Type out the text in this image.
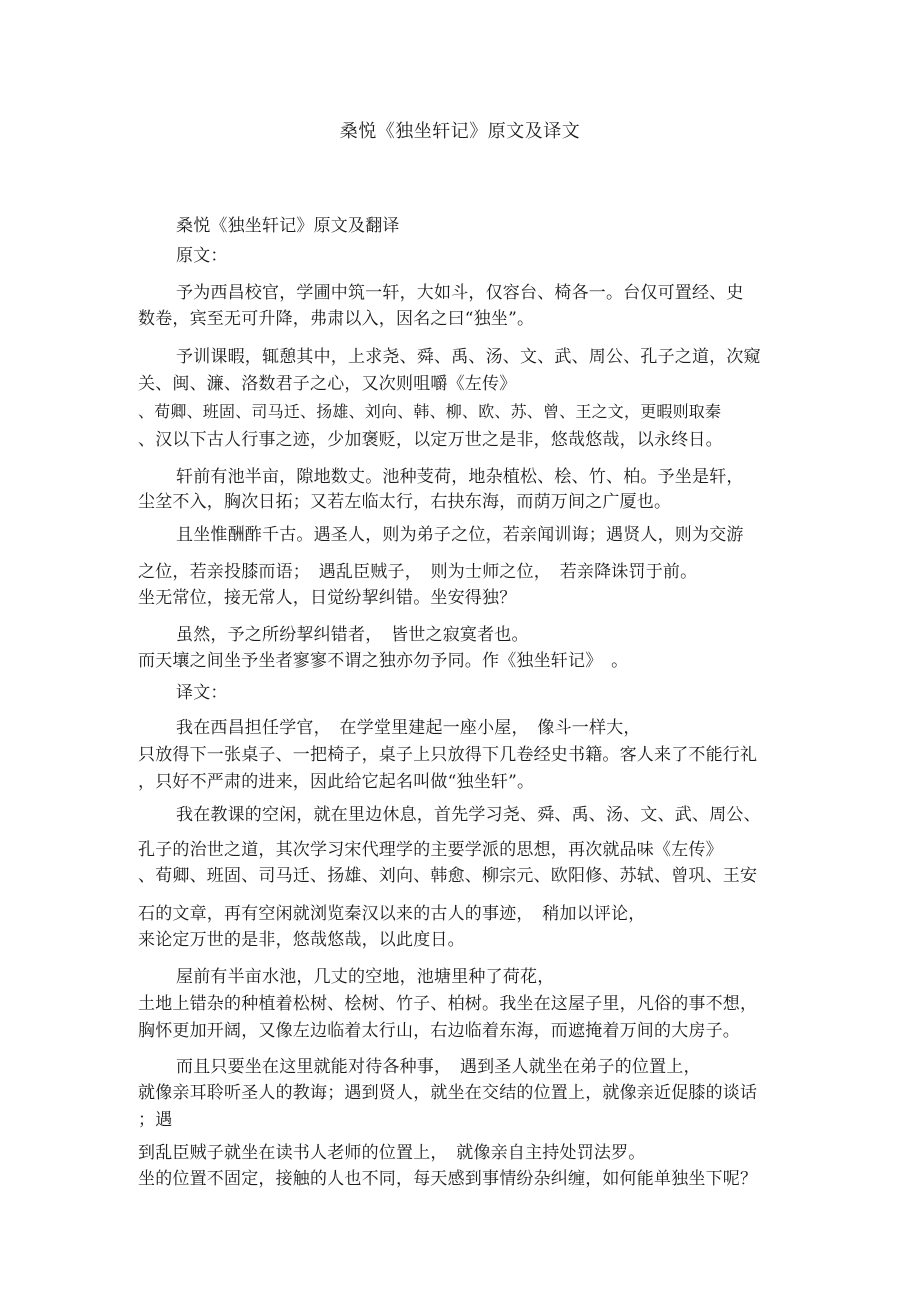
桑悦《独坐轩记》原文及译文
桑悦《独坐轩记》原文及翻译
原文：
予为西昌校官，学圃中筑一轩，大如斗，仅容台、椅各一。台仅可置经、史
数卷，宾至无可升降，弗肃以入，因名之曰“独坐”。
予训课暇，辄憩其中，上求尧、舜、禹、汤、文、武、周公、孔子之道，次窥
关、闽、濂、洛数君子之心，又次则咀嚼《左传》
、荀卿、班固、司马迁、扬雄、刘向、韩、柳、欧、苏、曾、王之文，更暇则取秦
、汉以下古人行事之迹，少加褒贬，以定万世之是非，悠哉悠哉，以永终日。
轩前有池半亩，隙地数丈。池种芰荷，地杂植松、桧、竹、柏。予坐是轩，
尘坌不入，胸次日拓；又若左临太行，右抉东海，而荫万间之广厦也。
且坐惟酬酢千古。遇圣人，则为弟子之位，若亲闻训诲；遇贤人，则为交游
之位，若亲投膝而语；　遇乱臣贼子，　则为士师之位，　若亲降诛罚于前。
坐无常位，接无常人，日觉纷挈纠错。坐安得独？
虽然，予之所纷挈纠错者，　皆世之寂寞者也。
而天壤之间坐予坐者寥寥不谓之独亦勿予同。作《独坐轩记》　。
译文：
我在西昌担任学官，　在学堂里建起一座小屋，　像斗一样大，
只放得下一张桌子、一把椅子，桌子上只放得下几卷经史书籍。客人来了不能行礼
，只好不严肃的进来，因此给它起名叫做“独坐轩”。
我在教课的空闲，就在里边休息，首先学习尧、舜、禹、汤、文、武、周公、
孔子的治世之道，其次学习宋代理学的主要学派的思想，再次就品味《左传》
、荀卿、班固、司马迁、扬雄、刘向、韩愈、柳宗元、欧阳修、苏轼、曾巩、王安
石的文章，再有空闲就浏览秦汉以来的古人的事迹，　稍加以评论，
来论定万世的是非，悠哉悠哉，以此度日。
屋前有半亩水池，几丈的空地，池塘里种了荷花，
土地上错杂的种植着松树、桧树、竹子、柏树。我坐在这屋子里，凡俗的事不想，
胸怀更加开阔，又像左边临着太行山，右边临着东海，而遮掩着万间的大房子。
而且只要坐在这里就能对待各种事，　遇到圣人就坐在弟子的位置上，
就像亲耳聆听圣人的教诲；遇到贤人，就坐在交结的位置上，就像亲近促膝的谈话
；遇
到乱臣贼子就坐在读书人老师的位置上，　就像亲自主持处罚法罗。
坐的位置不固定，接触的人也不同，每天感到事情纷杂纠缠，如何能单独坐下呢？
